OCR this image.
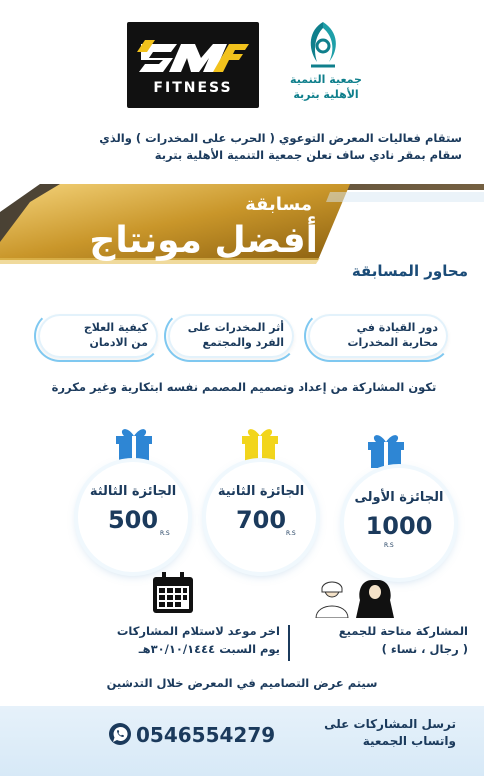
FITNESS
جمعية التنمية
الأهلية بتربة
ستقام فعاليات المعرض التوعوي ( الحرب على المخدرات ) والذي
سقام بمقر نادي ساف تعلن جمعية التنمية الأهلية بتربة
مسابقة
أفضل مونتاج
محاور المسابقة
دور القيادة في
محاربة المخدرات
أثر المخدرات على
الفرد والمجتمع
كيفية العلاج
من الادمان
تكون المشاركة من إعداد وتصميم المصمم نفسه ابتكارية وغير مكررة
الجائزة الأولى
1000
R.S
الجائزة الثانية
700 R.S
الجائزة الثالثة
500 R.S
اخر موعد لاستلام المشاركات
يوم السبت ٣٠/١٠/١٤٤٤هـ
المشاركة متاحة للجميع
( رجال ، نساء )
سيتم عرض التصاميم في المعرض خلال التدشين
ترسل المشاركات على
واتساب الجمعية
0546554279
